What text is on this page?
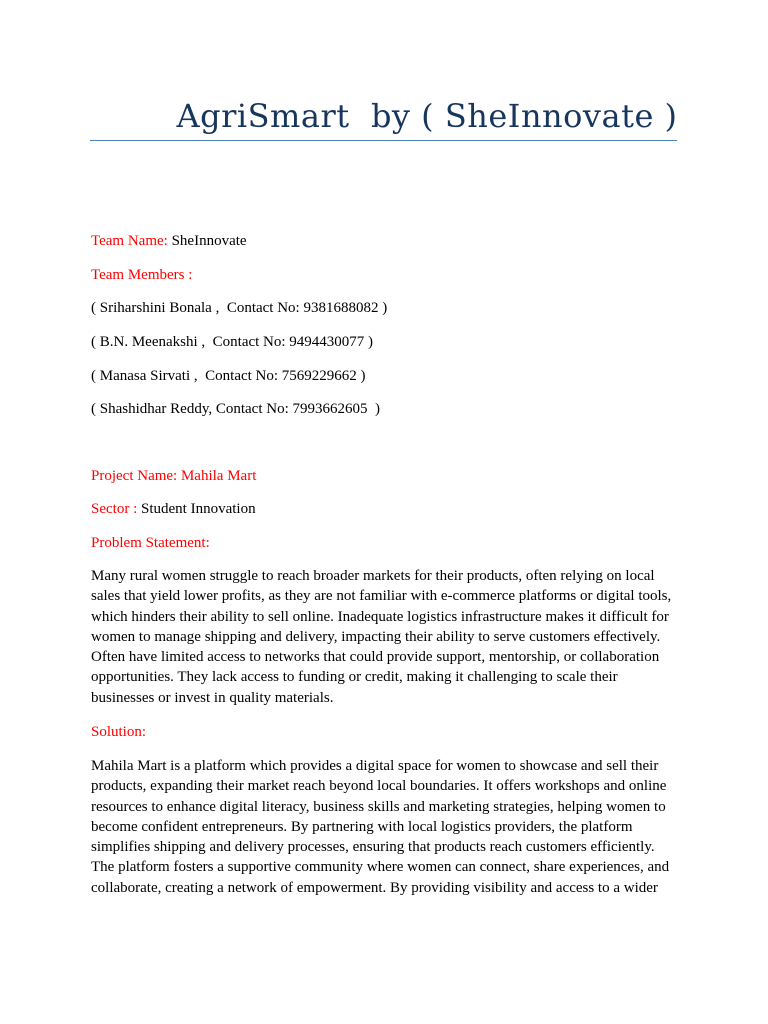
AgriSmart  by ( SheInnovate )
Team Name: SheInnovate
Team Members :
( Sriharshini Bonala ,  Contact No: 9381688082 )
( B.N. Meenakshi ,  Contact No: 9494430077 )
( Manasa Sirvati ,  Contact No: 7569229662 )
( Shashidhar Reddy, Contact No: 7993662605  )
Project Name: Mahila Mart
Sector : Student Innovation
Problem Statement:
Many rural women struggle to reach broader markets for their products, often relying on local
sales that yield lower profits, as they are not familiar with e-commerce platforms or digital tools,
which hinders their ability to sell online. Inadequate logistics infrastructure makes it difficult for
women to manage shipping and delivery, impacting their ability to serve customers effectively.
Often have limited access to networks that could provide support, mentorship, or collaboration
opportunities. They lack access to funding or credit, making it challenging to scale their
businesses or invest in quality materials.
Solution:
Mahila Mart is a platform which provides a digital space for women to showcase and sell their
products, expanding their market reach beyond local boundaries. It offers workshops and online
resources to enhance digital literacy, business skills and marketing strategies, helping women to
become confident entrepreneurs. By partnering with local logistics providers, the platform
simplifies shipping and delivery processes, ensuring that products reach customers efficiently.
The platform fosters a supportive community where women can connect, share experiences, and
collaborate, creating a network of empowerment. By providing visibility and access to a wider
